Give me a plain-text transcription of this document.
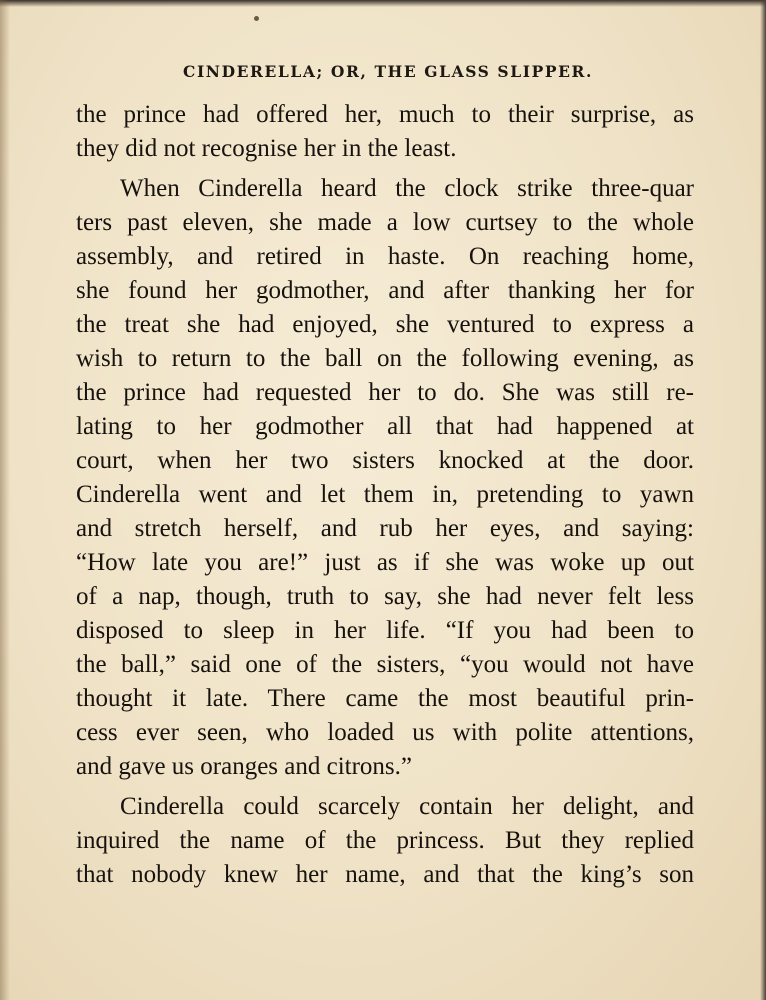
CINDERELLA; OR, THE GLASS SLIPPER.
the prince had offered her, much to their surprise, as
they did not recognise her in the least.
When Cinderella heard the clock strike three-quar
ters past eleven, she made a low curtsey to the whole
assembly, and retired in haste. On reaching home,
she found her godmother, and after thanking her for
the treat she had enjoyed, she ventured to express a
wish to return to the ball on the following evening, as
the prince had requested her to do. She was still re-
lating to her godmother all that had happened at
court, when her two sisters knocked at the door.
Cinderella went and let them in, pretending to yawn
and stretch herself, and rub her eyes, and saying:
“How late you are!” just as if she was woke up out
of a nap, though, truth to say, she had never felt less
disposed to sleep in her life. “If you had been to
the ball,” said one of the sisters, “you would not have
thought it late. There came the most beautiful prin-
cess ever seen, who loaded us with polite attentions,
and gave us oranges and citrons.”
Cinderella could scarcely contain her delight, and
inquired the name of the princess. But they replied
that nobody knew her name, and that the king’s son
